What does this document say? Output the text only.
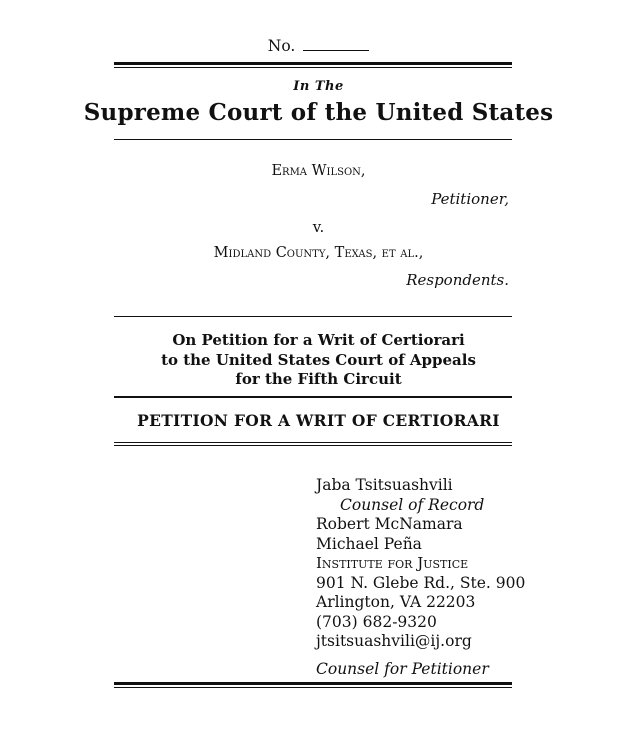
No.
In The
Supreme Court of the United States
Erma Wilson,
Petitioner,
v.
Midland County, Texas, et al.,
Respondents.
On Petition for a Writ of Certiorari
to the United States Court of Appeals
for the Fifth Circuit
PETITION FOR A WRIT OF CERTIORARI
Jaba Tsitsuashvili
Counsel of Record
Robert McNamara
Michael Peña
Institute for Justice
901 N. Glebe Rd., Ste. 900
Arlington, VA 22203
(703) 682-9320
jtsitsuashvili@ij.org
Counsel for Petitioner
